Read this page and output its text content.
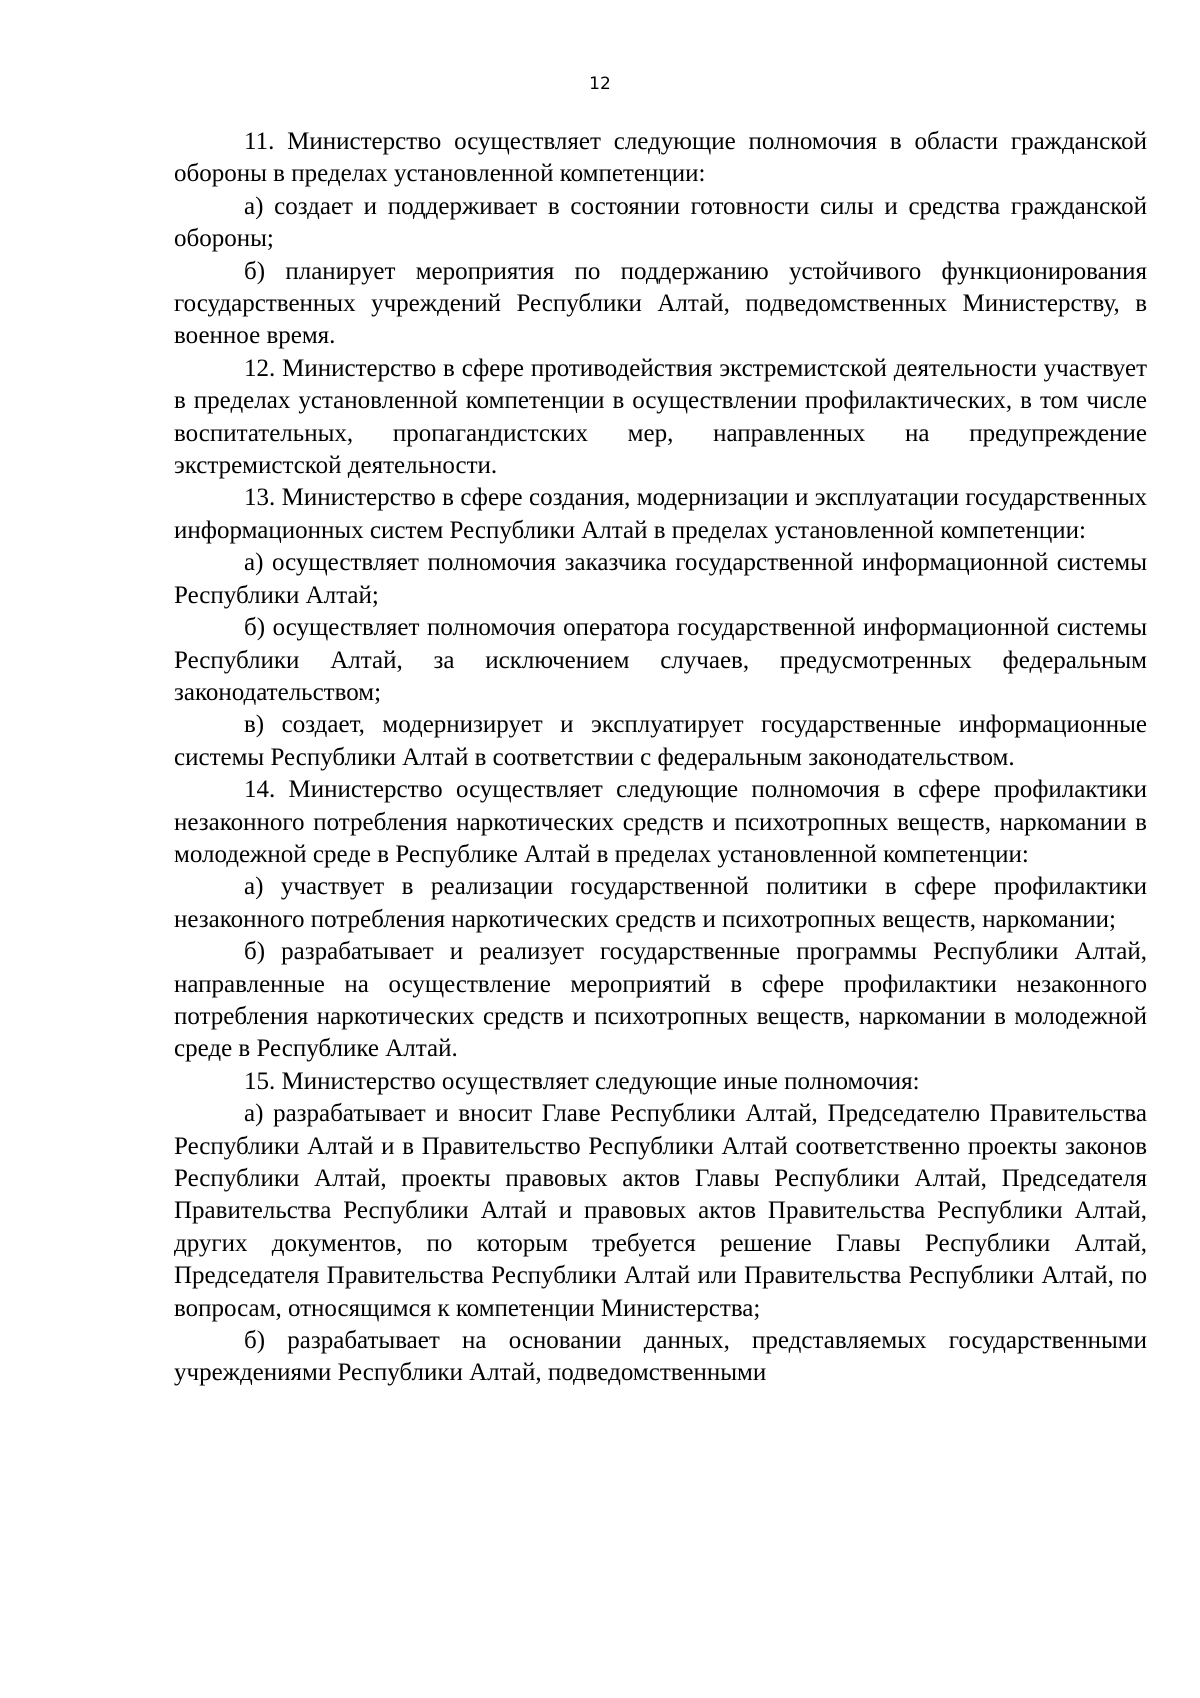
12

11. Министерство осуществляет следующие полномочия в области гражданской обороны в пределах установленной компетенции:

а) создает и поддерживает в состоянии готовности силы и средства гражданской обороны;

б) планирует мероприятия по поддержанию устойчивого функционирования государственных учреждений Республики Алтай, подведомственных Министерству, в военное время.

12. Министерство в сфере противодействия экстремистской деятельности участвует в пределах установленной компетенции в осуществлении профилактических, в том числе воспитательных, пропагандистских мер, направленных на предупреждение экстремистской деятельности.

13. Министерство в сфере создания, модернизации и эксплуатации государственных информационных систем Республики Алтай в пределах установленной компетенции:

а) осуществляет полномочия заказчика государственной информационной системы Республики Алтай;

б) осуществляет полномочия оператора государственной информационной системы Республики Алтай, за исключением случаев, предусмотренных федеральным законодательством;

в) создает, модернизирует и эксплуатирует государственные информационные системы Республики Алтай в соответствии с федеральным законодательством.

14. Министерство осуществляет следующие полномочия в сфере профилактики незаконного потребления наркотических средств и психотропных веществ, наркомании в молодежной среде в Республике Алтай в пределах установленной компетенции:

а) участвует в реализации государственной политики в сфере профилактики незаконного потребления наркотических средств и психотропных веществ, наркомании;

б) разрабатывает и реализует государственные программы Республики Алтай, направленные на осуществление мероприятий в сфере профилактики незаконного потребления наркотических средств и психотропных веществ, наркомании в молодежной среде в Республике Алтай.

15. Министерство осуществляет следующие иные полномочия:

а) разрабатывает и вносит Главе Республики Алтай, Председателю Правительства Республики Алтай и в Правительство Республики Алтай соответственно проекты законов Республики Алтай, проекты правовых актов Главы Республики Алтай, Председателя Правительства Республики Алтай и правовых актов Правительства Республики Алтай, других документов, по которым требуется решение Главы Республики Алтай, Председателя Правительства Республики Алтай или Правительства Республики Алтай, по вопросам, относящимся к компетенции Министерства;

б) разрабатывает на основании данных, представляемых государственными учреждениями Республики Алтай, подведомственными
